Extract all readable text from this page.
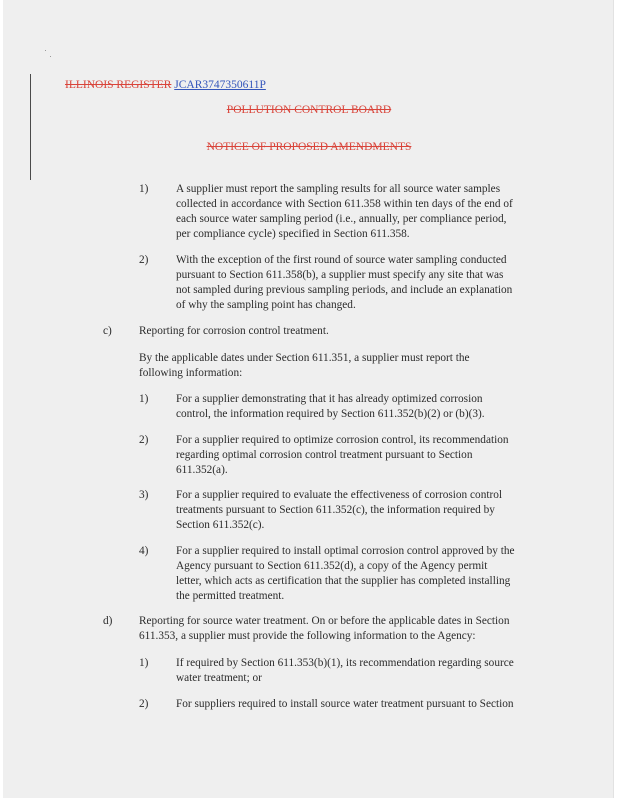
ILLINOIS REGISTER JCAR3747350611P
POLLUTION CONTROL BOARD
NOTICE OF PROPOSED AMENDMENTS
1) A supplier must report the sampling results for all source water samples
collected in accordance with Section 611.358 within ten days of the end of
each source water sampling period (i.e., annually, per compliance period,
per compliance cycle) specified in Section 611.358.
2) With the exception of the first round of source water sampling conducted
pursuant to Section 611.358(b), a supplier must specify any site that was
not sampled during previous sampling periods, and include an explanation
of why the sampling point has changed.
c) Reporting for corrosion control treatment.
By the applicable dates under Section 611.351, a supplier must report the
following information:
1) For a supplier demonstrating that it has already optimized corrosion
control, the information required by Section 611.352(b)(2) or (b)(3).
2) For a supplier required to optimize corrosion control, its recommendation
regarding optimal corrosion control treatment pursuant to Section
611.352(a).
3) For a supplier required to evaluate the effectiveness of corrosion control
treatments pursuant to Section 611.352(c), the information required by
Section 611.352(c).
4) For a supplier required to install optimal corrosion control approved by the
Agency pursuant to Section 611.352(d), a copy of the Agency permit
letter, which acts as certification that the supplier has completed installing
the permitted treatment.
d) Reporting for source water treatment. On or before the applicable dates in Section
611.353, a supplier must provide the following information to the Agency:
1) If required by Section 611.353(b)(1), its recommendation regarding source
water treatment; or
2) For suppliers required to install source water treatment pursuant to Section
